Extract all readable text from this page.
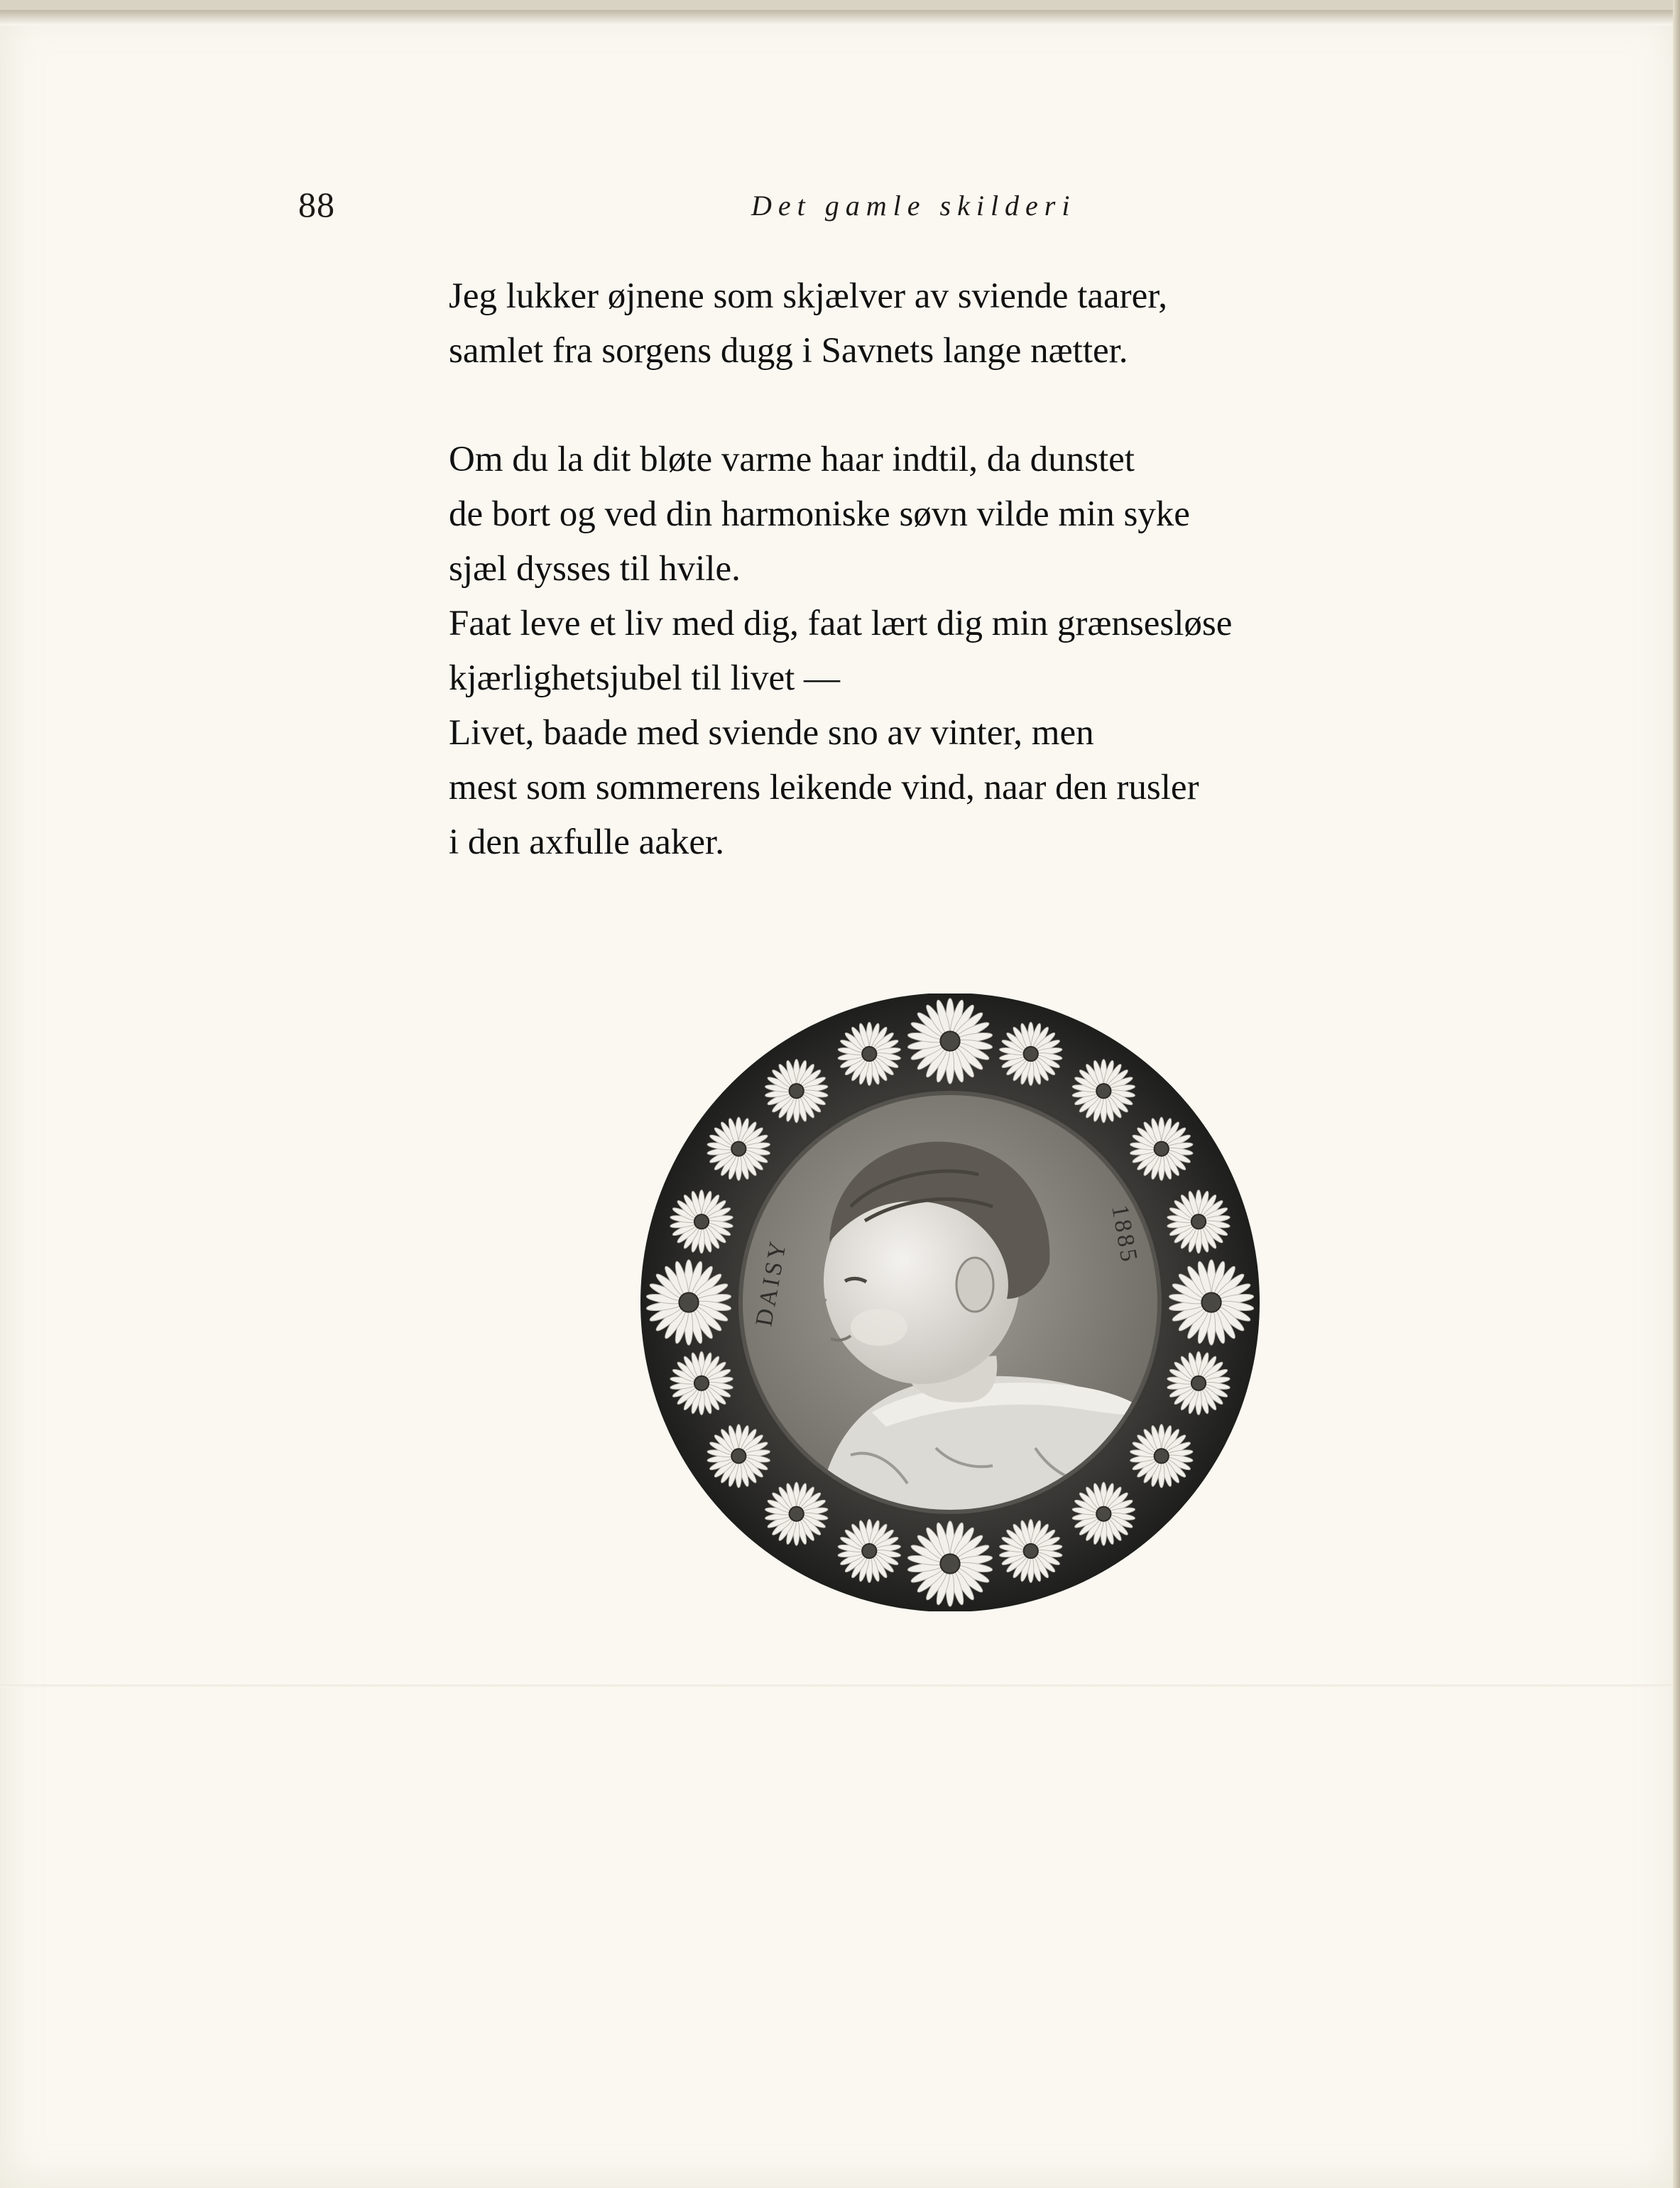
88	Det gamle skilderi

Jeg lukker øjnene som skjælver av sviende taarer,

samlet fra sorgens dugg i Savnets lange nætter.

Om du la dit bløte varme haar indtil, da dunstet

de bort og ved din harmoniske søvn vilde min syke

sjæl dysses til hvile.

Faat leve et liv med dig, faat lært dig min grænsesløse

kjærlighetsjubel til livet —

Livet, baade med sviende sno av vinter, men

mest som sommerens leikende vind, naar den rusler

i den axfulle aaker.

DAISY
1885
